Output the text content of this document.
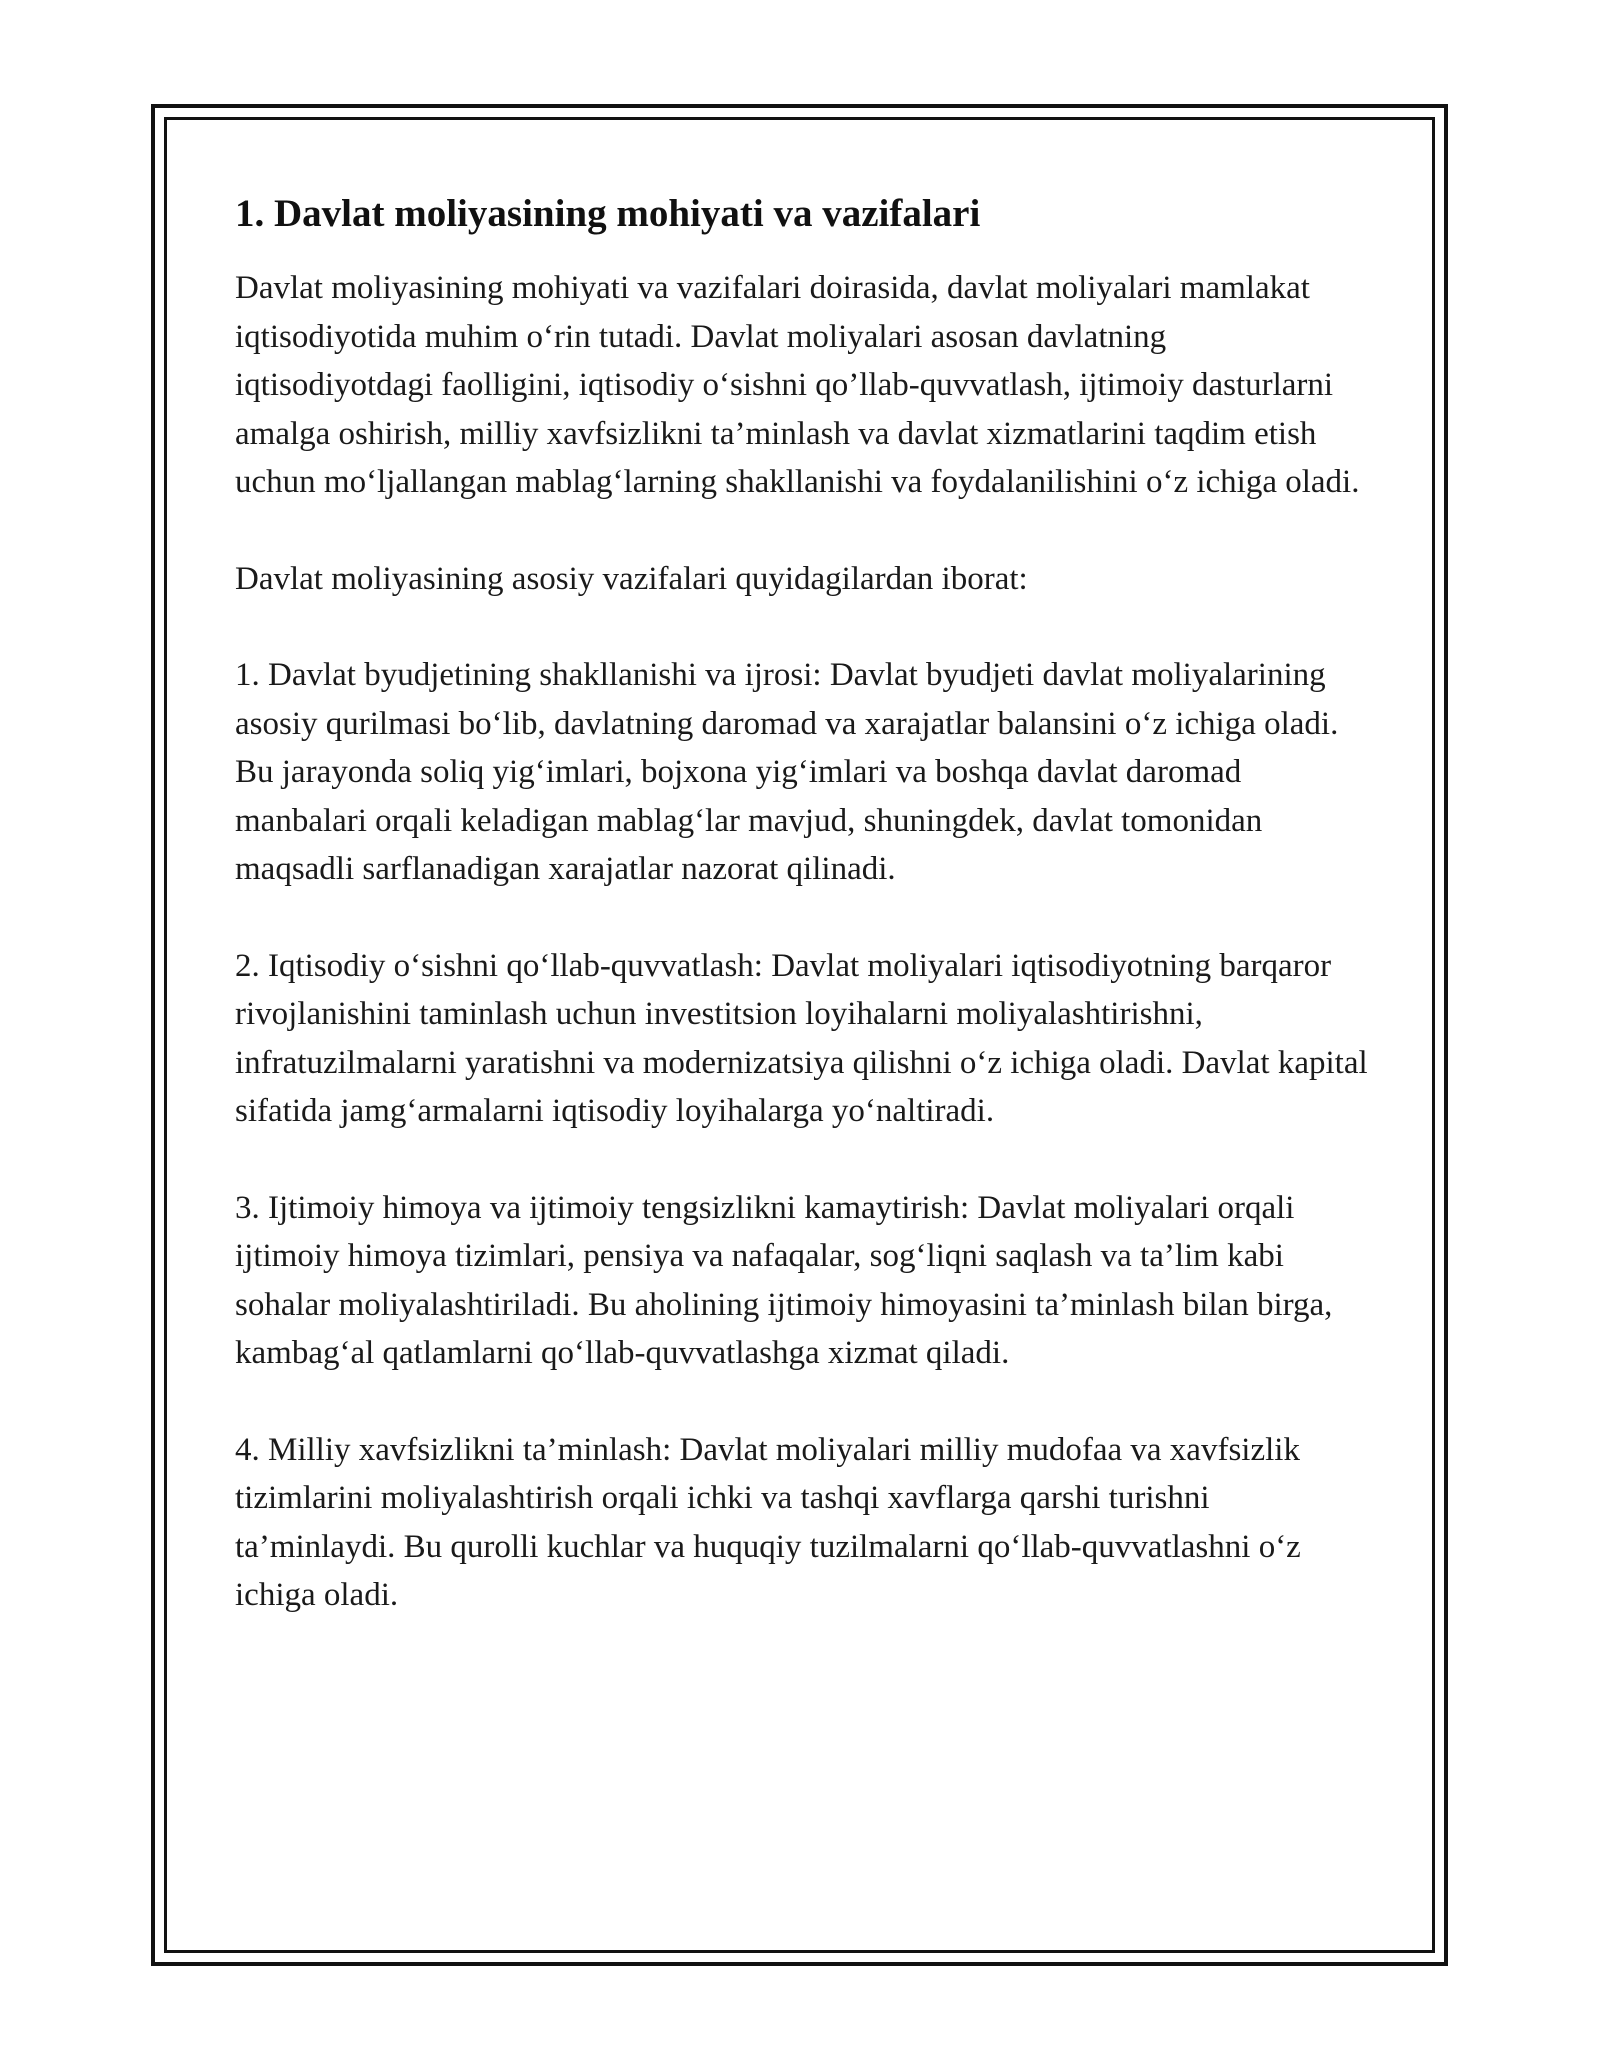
1. Davlat moliyasining mohiyati va vazifalari

Davlat moliyasining mohiyati va vazifalari doirasida, davlat moliyalari mamlakat iqtisodiyotida muhim o‘rin tutadi. Davlat moliyalari asosan davlatning iqtisodiyotdagi faolligini, iqtisodiy o‘sishni qo’llab-quvvatlash, ijtimoiy dasturlarni amalga oshirish, milliy xavfsizlikni ta’minlash va davlat xizmatlarini taqdim etish uchun mo‘ljallangan mablag‘larning shakllanishi va foydalanilishini o‘z ichiga oladi.

Davlat moliyasining asosiy vazifalari quyidagilardan iborat:

1. Davlat byudjetining shakllanishi va ijrosi: Davlat byudjeti davlat moliyalarining asosiy qurilmasi bo‘lib, davlatning daromad va xarajatlar balansini o‘z ichiga oladi. Bu jarayonda soliq yig‘imlari, bojxona yig‘imlari va boshqa davlat daromad manbalari orqali keladigan mablag‘lar mavjud, shuningdek, davlat tomonidan maqsadli sarflanadigan xarajatlar nazorat qilinadi.

2. Iqtisodiy o‘sishni qo‘llab-quvvatlash: Davlat moliyalari iqtisodiyotning barqaror rivojlanishini taminlash uchun investitsion loyihalarni moliyalashtirishni, infratuzilmalarni yaratishni va modernizatsiya qilishni o‘z ichiga oladi. Davlat kapital sifatida jamg‘armalarni iqtisodiy loyihalarga yo‘naltiradi.

3. Ijtimoiy himoya va ijtimoiy tengsizlikni kamaytirish: Davlat moliyalari orqali ijtimoiy himoya tizimlari, pensiya va nafaqalar, sog‘liqni saqlash va ta’lim kabi sohalar moliyalashtiriladi. Bu aholining ijtimoiy himoyasini ta’minlash bilan birga, kambag‘al qatlamlarni qo‘llab-quvvatlashga xizmat qiladi.

4. Milliy xavfsizlikni ta’minlash: Davlat moliyalari milliy mudofaa va xavfsizlik tizimlarini moliyalashtirish orqali ichki va tashqi xavflarga qarshi turishni ta’minlaydi. Bu qurolli kuchlar va huquqiy tuzilmalarni qo‘llab-quvvatlashni o‘z ichiga oladi.
